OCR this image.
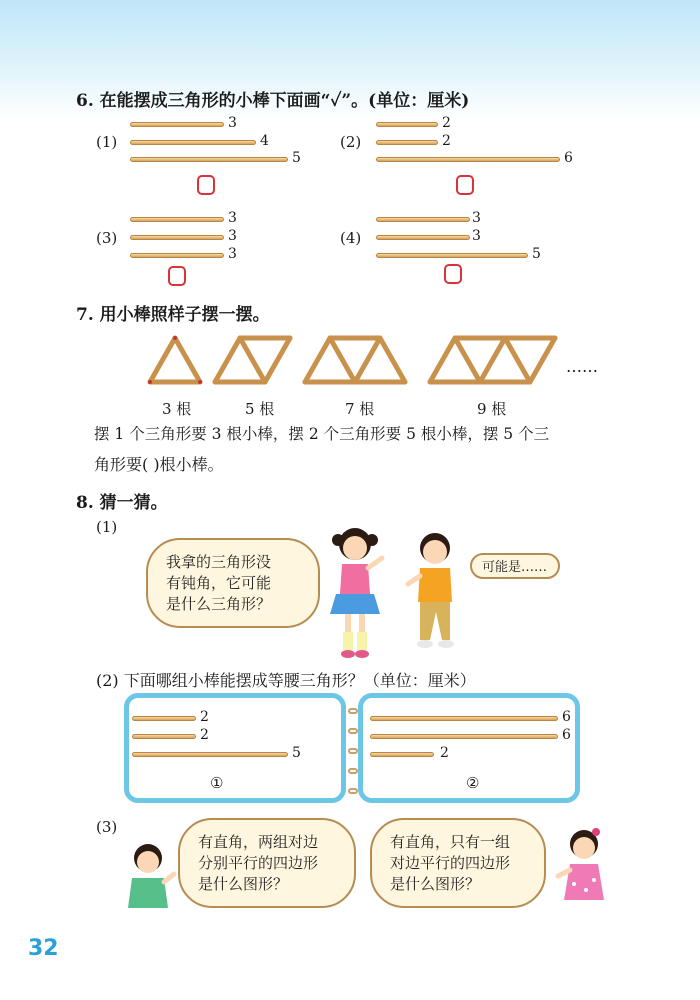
6. 在能摆成三角形的小棒下面画“✓”。(单位：厘米)
(1)
3
4
5
(2)
2
2
6
(3)
3
3
3
(4)
3
3
5
7. 用小棒照样子摆一摆。
……
3 根	5 根	7 根	9 根
摆 1 个三角形要 3 根小棒，摆 2 个三角形要 5 根小棒，摆 5 个三
角形要( )根小棒。
8. 猜一猜。
(1)
我拿的三角形没
有钝角，它可能
是什么三角形？
可能是……
(2) 下面哪组小棒能摆成等腰三角形？（单位：厘米）
2
2
5
①
6
6
2
②
(3)
有直角，两组对边
分别平行的四边形
是什么图形？
有直角，只有一组
对边平行的四边形
是什么图形？
32
